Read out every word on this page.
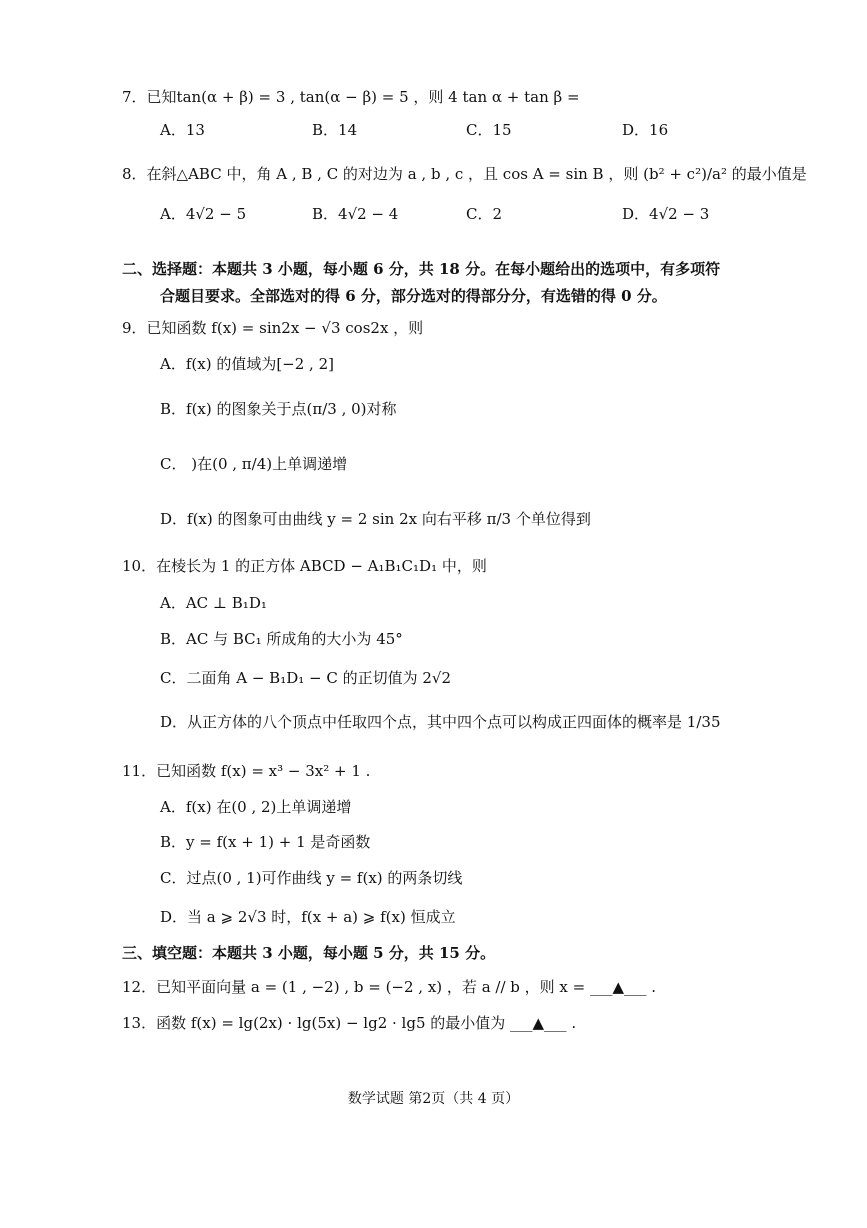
7．已知tan(α + β) = 3 , tan(α − β) = 5 ，则 4 tan α + tan β =
A．13	B．14	C．15	D．16
8．在斜△ABC 中，角 A , B , C 的对边为 a , b , c ，且 cos A = sin B ，则 (b² + c²)/a² 的最小值是
A．4√2 − 5	B．4√2 − 4	C．2	D．4√2 − 3
二、选择题：本题共 3 小题，每小题 6 分，共 18 分。在每小题给出的选项中，有多项符
合题目要求。全部选对的得 6 分，部分选对的得部分分，有选错的得 0 分。
9．已知函数 f(x) = sin2x − √3 cos2x ，则
A．f(x) 的值域为[−2 , 2]
B．f(x) 的图象关于点(π/3 , 0)对称
C． )在(0 , π/4)上单调递增
D．f(x) 的图象可由曲线 y = 2 sin 2x 向右平移 π/3 个单位得到
10．在棱长为 1 的正方体 ABCD − A₁B₁C₁D₁ 中，则
A．AC ⊥ B₁D₁
B．AC 与 BC₁ 所成角的大小为 45°
C．二面角 A − B₁D₁ − C 的正切值为 2√2
D．从正方体的八个顶点中任取四个点，其中四个点可以构成正四面体的概率是 1/35
11．已知函数 f(x) = x³ − 3x² + 1 .
A．f(x) 在(0 , 2)上单调递增
B．y = f(x + 1) + 1 是奇函数
C．过点(0 , 1)可作曲线 y = f(x) 的两条切线
D．当 a ⩾ 2√3 时，f(x + a) ⩾ f(x) 恒成立
三、填空题：本题共 3 小题，每小题 5 分，共 15 分。
12．已知平面向量 a = (1 , −2) , b = (−2 , x) ，若 a // b ，则 x = ___▲___ .
13．函数 f(x) = lg(2x) · lg(5x) − lg2 · lg5 的最小值为 ___▲___ .
数学试题 第2页（共 4 页）
